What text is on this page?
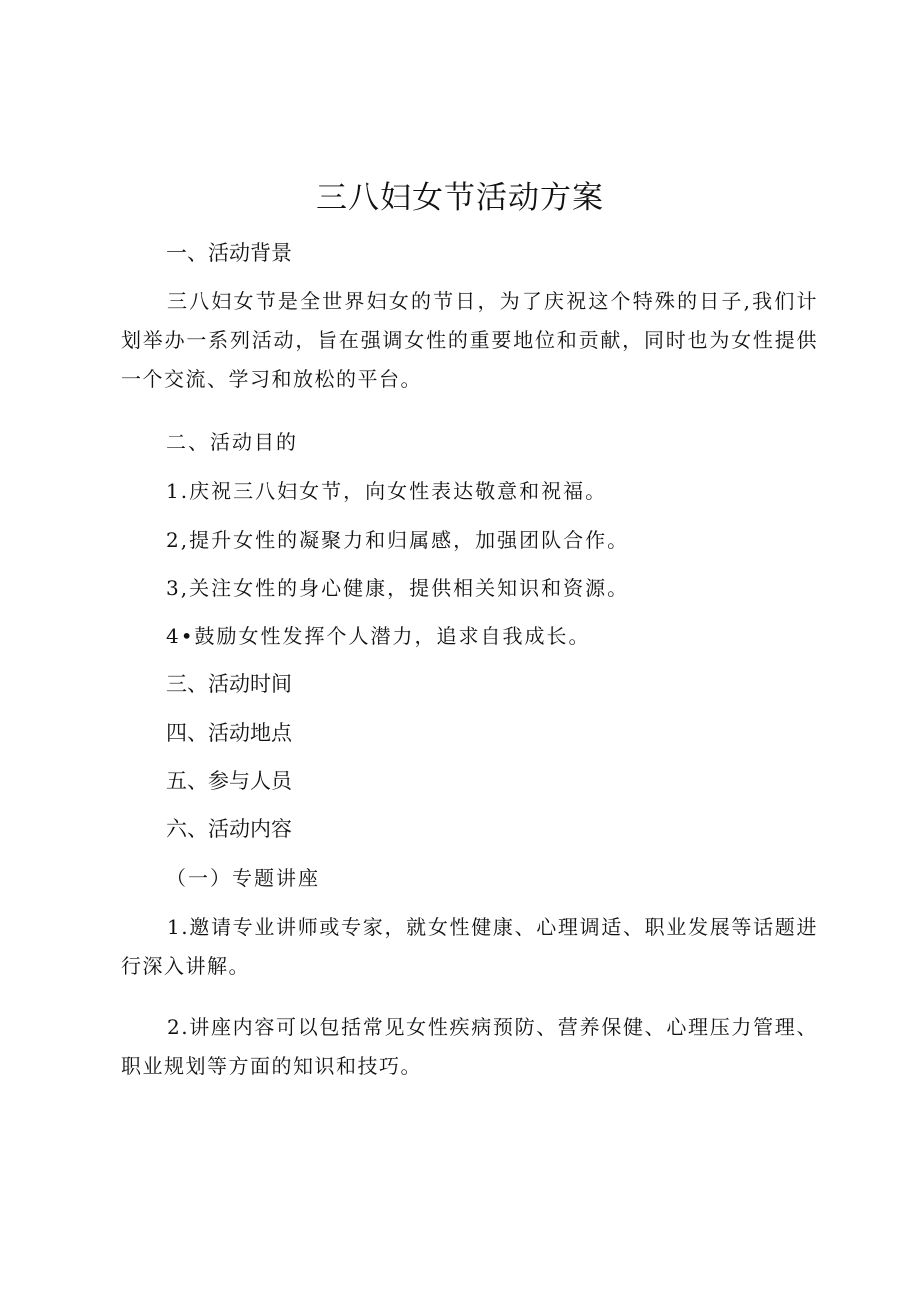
三八妇女节活动方案
一、活动背景

三八妇女节是全世界妇女的节日，为了庆祝这个特殊的日子,我们计划举办一系列活动，旨在强调女性的重要地位和贡献，同时也为女性提供一个交流、学习和放松的平台。

二、活动目的

1.庆祝三八妇女节，向女性表达敬意和祝福。

2,提升女性的凝聚力和归属感，加强团队合作。

3,关注女性的身心健康，提供相关知识和资源。

4•鼓励女性发挥个人潜力，追求自我成长。

三、活动时间
四、活动地点
五、参与人员
六、活动内容

（一）专题讲座

1.邀请专业讲师或专家，就女性健康、心理调适、职业发展等话题进行深入讲解。

2.讲座内容可以包括常见女性疾病预防、营养保健、心理压力管理、职业规划等方面的知识和技巧。
